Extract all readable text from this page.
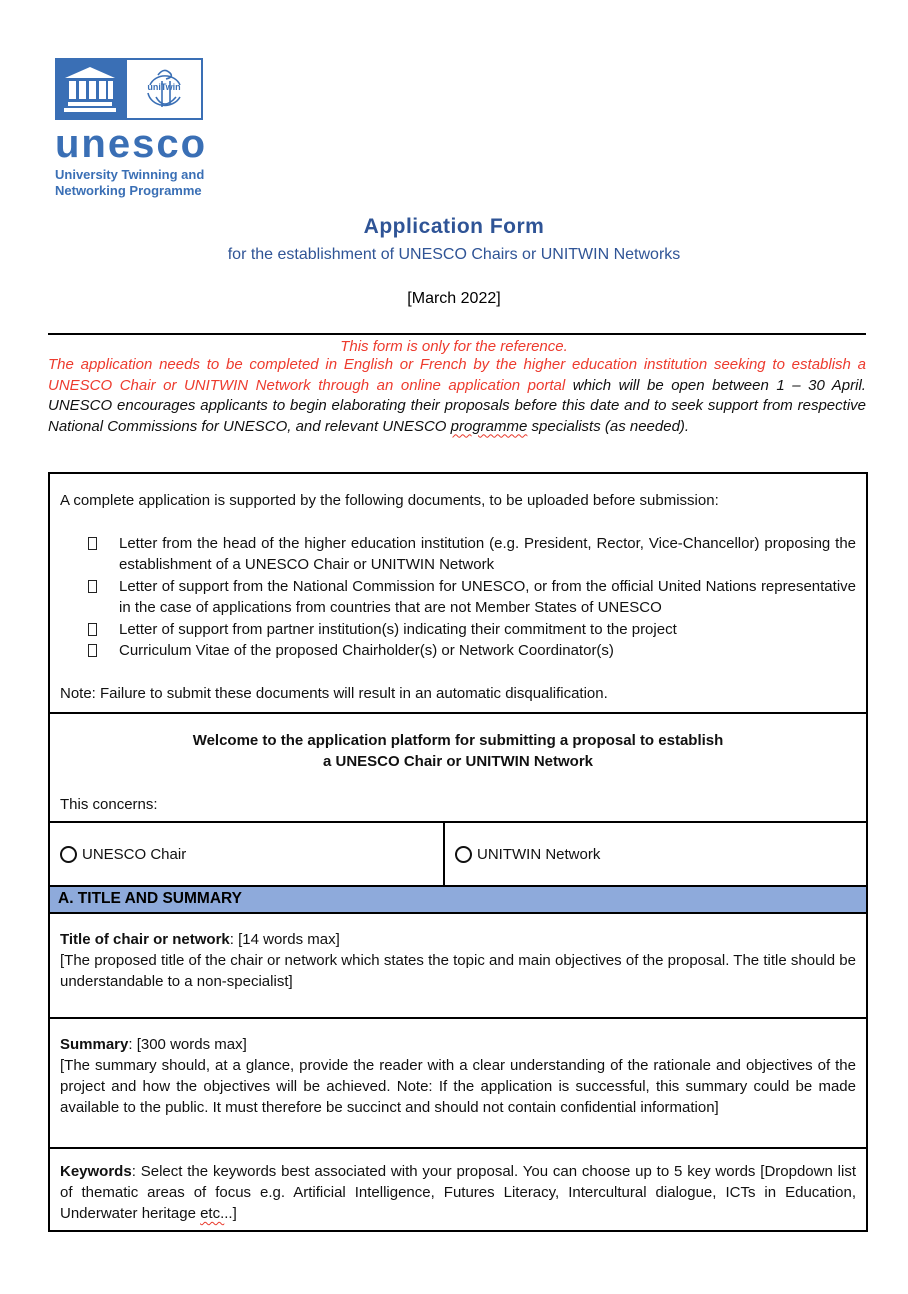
uniTwin
unesco
University Twinning and
Networking Programme
Application Form
for the establishment of UNESCO Chairs or UNITWIN Networks
[March 2022]
This form is only for the reference.

The application needs to be completed in English or French by the higher education institution seeking to establish a UNESCO Chair or UNITWIN Network through an online application portal which will be open between 1 – 30 April. UNESCO encourages applicants to begin elaborating their proposals before this date and to seek support from respective National Commissions for UNESCO, and relevant UNESCO programme specialists (as needed).

A complete application is supported by the following documents, to be uploaded before submission:

Letter from the head of the higher education institution (e.g. President, Rector, Vice-Chancellor) proposing the establishment of a UNESCO Chair or UNITWIN Network
Letter of support from the National Commission for UNESCO, or from the official United Nations representative in the case of applications from countries that are not Member States of UNESCO
Letter of support from partner institution(s) indicating their commitment to the project
Curriculum Vitae of the proposed Chairholder(s) or Network Coordinator(s)

Note: Failure to submit these documents will result in an automatic disqualification.

Welcome to the application platform for submitting a proposal to establish
a UNESCO Chair or UNITWIN Network
This concerns:
UNESCO Chair	UNITWIN Network
A. TITLE AND SUMMARY
Title of chair or network: [14 words max]
[The proposed title of the chair or network which states the topic and main objectives of the proposal. The title should be understandable to a non-specialist]
Summary: [300 words max]
[The summary should, at a glance, provide the reader with a clear understanding of the rationale and objectives of the project and how the objectives will be achieved. Note: If the application is successful, this summary could be made available to the public. It must therefore be succinct and should not contain confidential information]
Keywords: Select the keywords best associated with your proposal. You can choose up to 5 key words [Dropdown list of thematic areas of focus e.g. Artificial Intelligence, Futures Literacy, Intercultural dialogue, ICTs in Education, Underwater heritage etc...]
